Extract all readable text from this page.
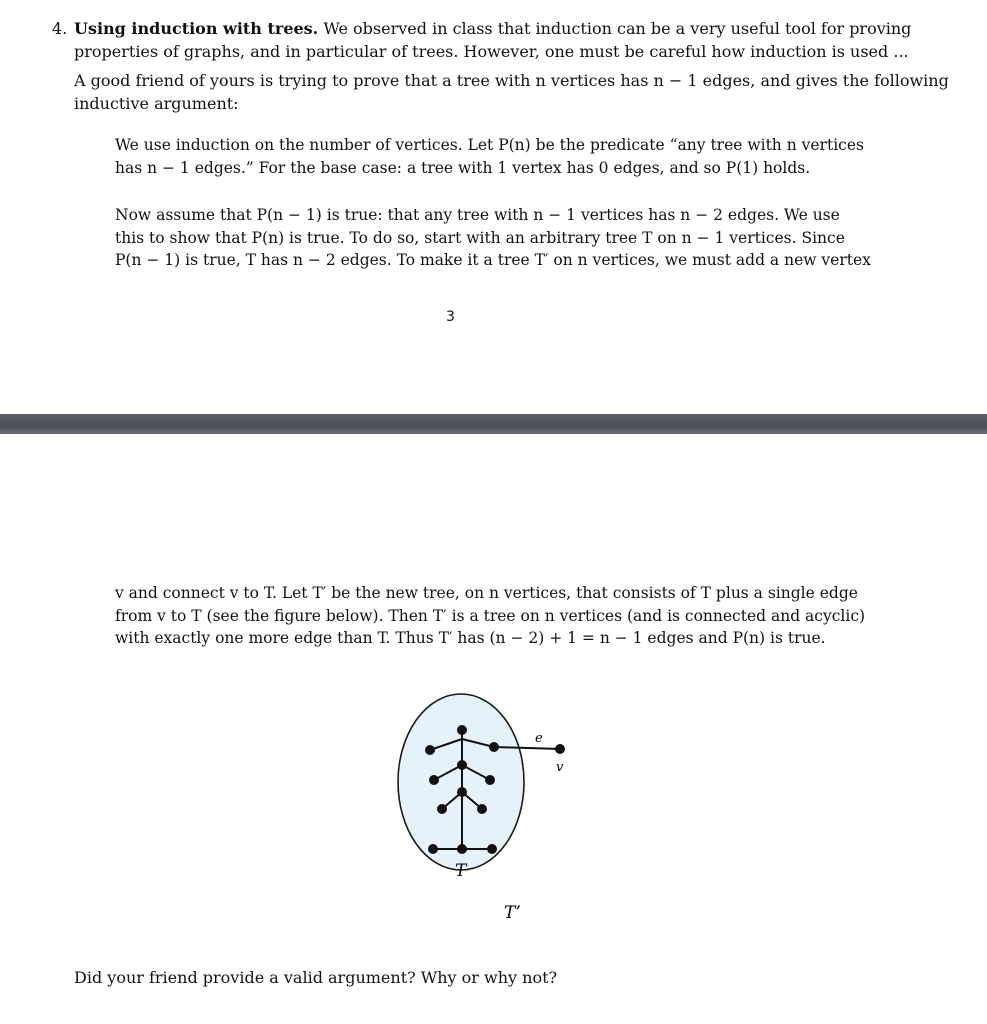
4. Using induction with trees. We observed in class that induction can be a very useful tool for proving
properties of graphs, and in particular of trees. However, one must be careful how induction is used ...
A good friend of yours is trying to prove that a tree with n vertices has n − 1 edges, and gives the following
inductive argument:
We use induction on the number of vertices. Let P(n) be the predicate “any tree with n vertices
has n − 1 edges.” For the base case: a tree with 1 vertex has 0 edges, and so P(1) holds.
Now assume that P(n − 1) is true: that any tree with n − 1 vertices has n − 2 edges. We use
this to show that P(n) is true. To do so, start with an arbitrary tree T on n − 1 vertices. Since
P(n − 1) is true, T has n − 2 edges. To make it a tree T′ on n vertices, we must add a new vertex
3
v and connect v to T. Let T′ be the new tree, on n vertices, that consists of T plus a single edge
from v to T (see the figure below). Then T′ is a tree on n vertices (and is connected and acyclic)
with exactly one more edge than T. Thus T′ has (n − 2) + 1 = n − 1 edges and P(n) is true.
e
v
T
T’
Did your friend provide a valid argument? Why or why not?
